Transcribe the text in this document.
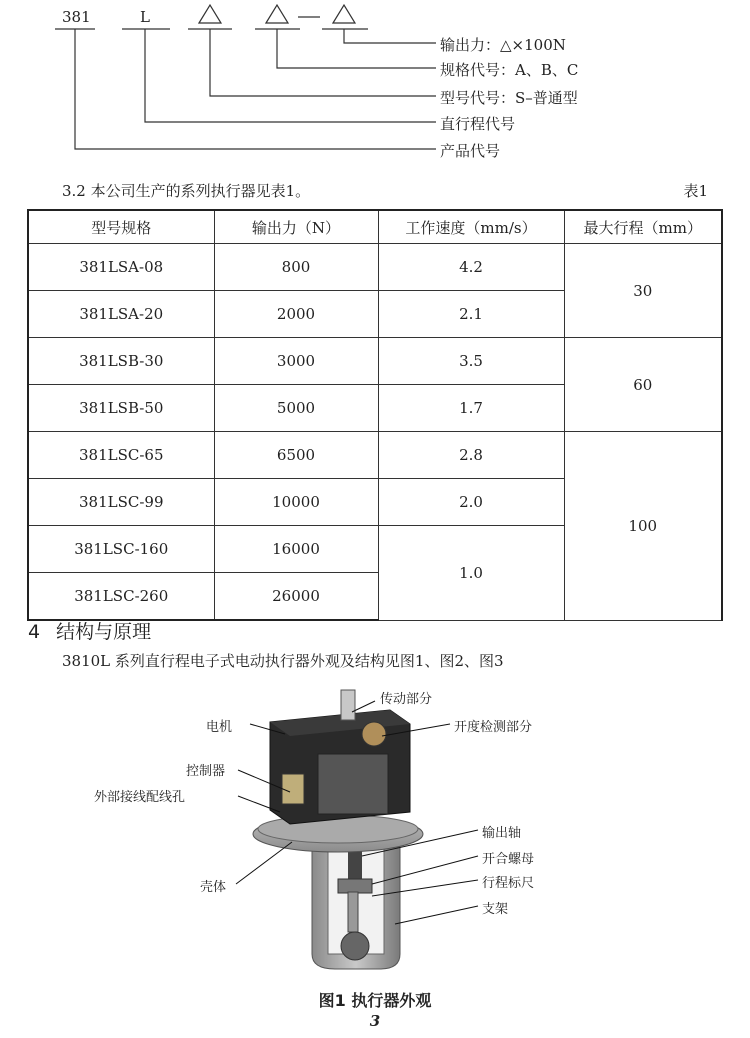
381	L
输出力：△×100N
规格代号：A、B、C
型号代号：S–普通型
直行程代号
产品代号
3.2 本公司生产的系列执行器见表1。	表1
型号规格	输出力（N）	工作速度（mm/s）	最大行程（mm）
381LSA-08	800	4.2	30
381LSA-20	2000	2.1	
381LSB-30	3000	3.5	60
381LSB-50	5000	1.7	
381LSC-65	6500	2.8	100
381LSC-99	10000	2.0	
381LSC-160	16000	1.0	
381LSC-260	26000		
4 结构与原理
3810L 系列直行程电子式电动执行器外观及结构见图1、图2、图3
传动部分
电机	开度检测部分
控制器
外部接线配线孔
输出轴
开合螺母
行程标尺
壳体
支架
图1 执行器外观
3
